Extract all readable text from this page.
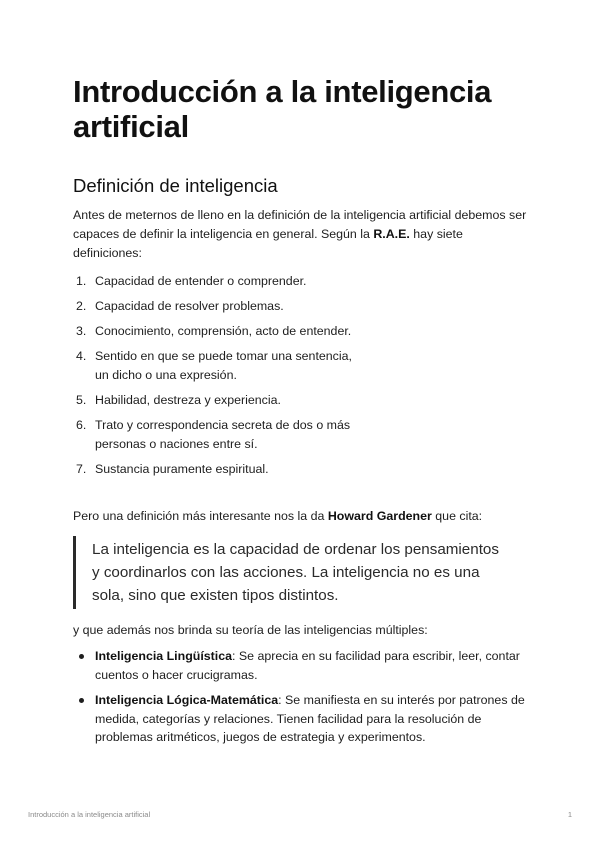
Introducción a la inteligencia artificial
Definición de inteligencia

Antes de meternos de lleno en la definición de la inteligencia artificial debemos ser capaces de definir la inteligencia en general. Según la R.A.E. hay siete definiciones:

1. Capacidad de entender o comprender.
2. Capacidad de resolver problemas.
3. Conocimiento, comprensión, acto de entender.
4. Sentido en que se puede tomar una sentencia,
un dicho o una expresión.
5. Habilidad, destreza y experiencia.
6. Trato y correspondencia secreta de dos o más
personas o naciones entre sí.
7. Sustancia puramente espiritual.

Pero una definición más interesante nos la da Howard Gardener que cita:

La inteligencia es la capacidad de ordenar los pensamientos
y coordinarlos con las acciones. La inteligencia no es una
sola, sino que existen tipos distintos.

y que además nos brinda su teoría de las inteligencias múltiples:

Inteligencia Lingüística: Se aprecia en su facilidad para escribir, leer, contar cuentos o hacer crucigramas.
Inteligencia Lógica-Matemática: Se manifiesta en su interés por patrones de medida, categorías y relaciones. Tienen facilidad para la resolución de problemas aritméticos, juegos de estrategia y experimentos.
Introducción a la inteligencia artificial	1
